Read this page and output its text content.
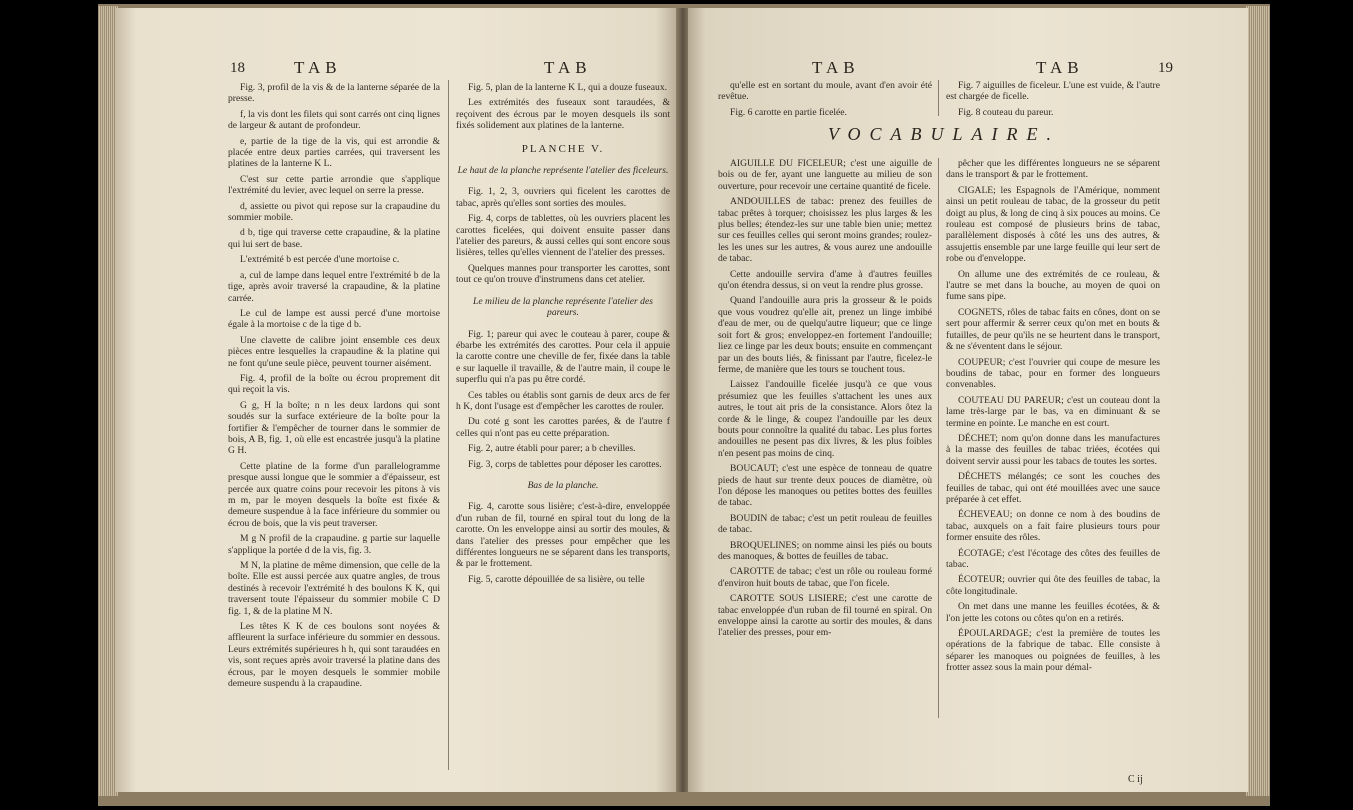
18	TAB	TAB

Fig. 3, profil de la vis & de la lanterne séparée de la presse.

f, la vis dont les filets qui sont carrés ont cinq lignes de largeur & autant de profondeur.

e, partie de la tige de la vis, qui est arrondie & placée entre deux parties carrées, qui traversent les platines de la lanterne K L.

C'est sur cette partie arrondie que s'applique l'extrémité du levier, avec lequel on serre la presse.

d, assiette ou pivot qui repose sur la crapaudine du sommier mobile.

d b, tige qui traverse cette crapaudine, & la platine qui lui sert de base.

L'extrémité b est percée d'une mortoise c.

a, cul de lampe dans lequel entre l'extrémité b de la tige, après avoir traversé la crapaudine, & la platine carrée.

Le cul de lampe est aussi percé d'une mortoise égale à la mortoise c de la tige d b.

Une clavette de calibre joint ensemble ces deux pièces entre lesquelles la crapaudine & la platine qui ne font qu'une seule pièce, peuvent tourner aisément.

Fig. 4, profil de la boîte ou écrou proprement dit qui reçoit la vis.

G g, H la boîte; n n les deux lardons qui sont soudés sur la surface extérieure de la boîte pour la fortifier & l'empêcher de tourner dans le sommier de bois, A B, fig. 1, où elle est encastrée jusqu'à la platine G H.

Cette platine de la forme d'un parallelogramme presque aussi longue que le sommier a d'épaisseur, est percée aux quatre coins pour recevoir les pitons à vis m m, par le moyen desquels la boîte est fixée & demeure suspendue à la face inférieure du sommier ou écrou de bois, que la vis peut traverser.

M g N profil de la crapaudine. g partie sur laquelle s'applique la portée d de la vis, fig. 3.

M N, la platine de même dimension, que celle de la boîte. Elle est aussi percée aux quatre angles, de trous destinés à recevoir l'extrémité h des boulons K K, qui traversent toute l'épaisseur du sommier mobile C D fig. 1, & de la platine M N.

Les têtes K K de ces boulons sont noyées & affleurent la surface inférieure du sommier en dessous. Leurs extrémités supérieures h h, qui sont taraudées en vis, sont reçues après avoir traversé la platine dans des écrous, par le moyen desquels le sommier mobile demeure suspendu à la crapaudine.

Fig. 5, plan de la lanterne K L, qui a douze fuseaux.

Les extrémités des fuseaux sont taraudées, & reçoivent des écrous par le moyen desquels ils sont fixés solidement aux platines de la lanterne.

PLANCHE V.

Le haut de la planche représente l'atelier des ficeleurs.

Fig. 1, 2, 3, ouvriers qui ficelent les carottes de tabac, après qu'elles sont sorties des moules.

Fig. 4, corps de tablettes, où les ouvriers placent les carottes ficelées, qui doivent ensuite passer dans l'atelier des pareurs, & aussi celles qui sont encore sous lisières, telles qu'elles viennent de l'atelier des presses.

Quelques mannes pour transporter les carottes, sont tout ce qu'on trouve d'instrumens dans cet atelier.

Le milieu de la planche représente l'atelier des pareurs.

Fig. 1; pareur qui avec le couteau à parer, coupe & ébarbe les extrémités des carottes. Pour cela il appuie la carotte contre une cheville de fer, fixée dans la table e sur laquelle il travaille, & de l'autre main, il coupe le superflu qui n'a pas pu être cordé.

Ces tables ou établis sont garnis de deux arcs de fer h K, dont l'usage est d'empêcher les carottes de rouler.

Du coté g sont les carottes parées, & de l'autre f celles qui n'ont pas eu cette préparation.

Fig. 2, autre établi pour parer; a b chevilles.

Fig. 3, corps de tablettes pour déposer les carottes.

Bas de la planche.

Fig. 4, carotte sous lisière; c'est-à-dire, enveloppée d'un ruban de fil, tourné en spiral tout du long de la carotte. On les enveloppe ainsi au sortir des moules, & dans l'atelier des presses pour empêcher que les différentes longueurs ne se séparent dans les transports, & par le frottement.

Fig. 5, carotte dépouillée de sa lisière, ou telle

TAB	TAB	19

qu'elle est en sortant du moule, avant d'en avoir été revêtue.

Fig. 6 carotte en partie ficelée.

Fig. 7 aiguilles de ficeleur. L'une est vuide, & l'autre est chargée de ficelle.

Fig. 8 couteau du pareur.

VOCABULAIRE.

AIGUILLE DU FICELEUR; c'est une aiguille de bois ou de fer, ayant une languette au milieu de son ouverture, pour recevoir une certaine quantité de ficele.

ANDOUILLES de tabac: prenez des feuilles de tabac prêtes à torquer; choisissez les plus larges & les plus belles; étendez-les sur une table bien unie; mettez sur ces feuilles celles qui seront moins grandes; roulez-les les unes sur les autres, & vous aurez une andouille de tabac.

Cette andouille servira d'ame à d'autres feuilles qu'on étendra dessus, si on veut la rendre plus grosse.

Quand l'andouille aura pris la grosseur & le poids que vous voudrez qu'elle ait, prenez un linge imbibé d'eau de mer, ou de quelqu'autre liqueur; que ce linge soit fort & gros; enveloppez-en fortement l'andouille; liez ce linge par les deux bouts; ensuite en commençant par un des bouts liés, & finissant par l'autre, ficelez-le ferme, de manière que les tours se touchent tous.

Laissez l'andouille ficelée jusqu'à ce que vous présumiez que les feuilles s'attachent les unes aux autres, le tout ait pris de la consistance. Alors ôtez la corde & le linge, & coupez l'andouille par les deux bouts pour connoître la qualité du tabac. Les plus fortes andouilles ne pesent pas dix livres, & les plus foibles n'en pesent pas moins de cinq.

BOUCAUT; c'est une espèce de tonneau de quatre pieds de haut sur trente deux pouces de diamètre, où l'on dépose les manoques ou petites bottes des feuilles de tabac.

BOUDIN de tabac; c'est un petit rouleau de feuilles de tabac.

BROQUELINES; on nomme ainsi les piés ou bouts des manoques, & bottes de feuilles de tabac.

CAROTTE de tabac; c'est un rôle ou rouleau formé d'environ huit bouts de tabac, que l'on ficele.

CAROTTE SOUS LISIERE; c'est une carotte de tabac enveloppée d'un ruban de fil tourné en spiral. On enveloppe ainsi la carotte au sortir des moules, & dans l'atelier des presses, pour em-

pêcher que les différentes longueurs ne se séparent dans le transport & par le frottement.

CIGALE; les Espagnols de l'Amérique, nomment ainsi un petit rouleau de tabac, de la grosseur du petit doigt au plus, & long de cinq à six pouces au moins. Ce rouleau est composé de plusieurs brins de tabac, parallèlement disposés à côté les uns des autres, & assujettis ensemble par une large feuille qui leur sert de robe ou d'enveloppe.

On allume une des extrémités de ce rouleau, & l'autre se met dans la bouche, au moyen de quoi on fume sans pipe.

COGNETS, rôles de tabac faits en cônes, dont on se sert pour affermir & serrer ceux qu'on met en bouts & futailles, de peur qu'ils ne se heurtent dans le transport, & ne s'éventent dans le séjour.

COUPEUR; c'est l'ouvrier qui coupe de mesure les boudins de tabac, pour en former des longueurs convenables.

COUTEAU DU PAREUR; c'est un couteau dont la lame très-large par le bas, va en diminuant & se termine en pointe. Le manche en est court.

DÉCHET; nom qu'on donne dans les manufactures à la masse des feuilles de tabac triées, écotées qui doivent servir aussi pour les tabacs de toutes les sortes.

DÉCHETS mélangés; ce sont les couches des feuilles de tabac, qui ont été mouillées avec une sauce préparée à cet effet.

ÉCHEVEAU; on donne ce nom à des boudins de tabac, auxquels on a fait faire plusieurs tours pour former ensuite des rôles.

ÉCOTAGE; c'est l'écotage des côtes des feuilles de tabac.

ÉCOTEUR; ouvrier qui ôte des feuilles de tabac, la côte longitudinale.

On met dans une manne les feuilles écotées, & & l'on jette les cotons ou côtes qu'on en a retirés.

ÉPOULARDAGE; c'est la première de toutes les opérations de la fabrique de tabac. Elle consiste à séparer les manoques ou poignées de feuilles, à les frotter assez sous la main pour démal-

C ij
